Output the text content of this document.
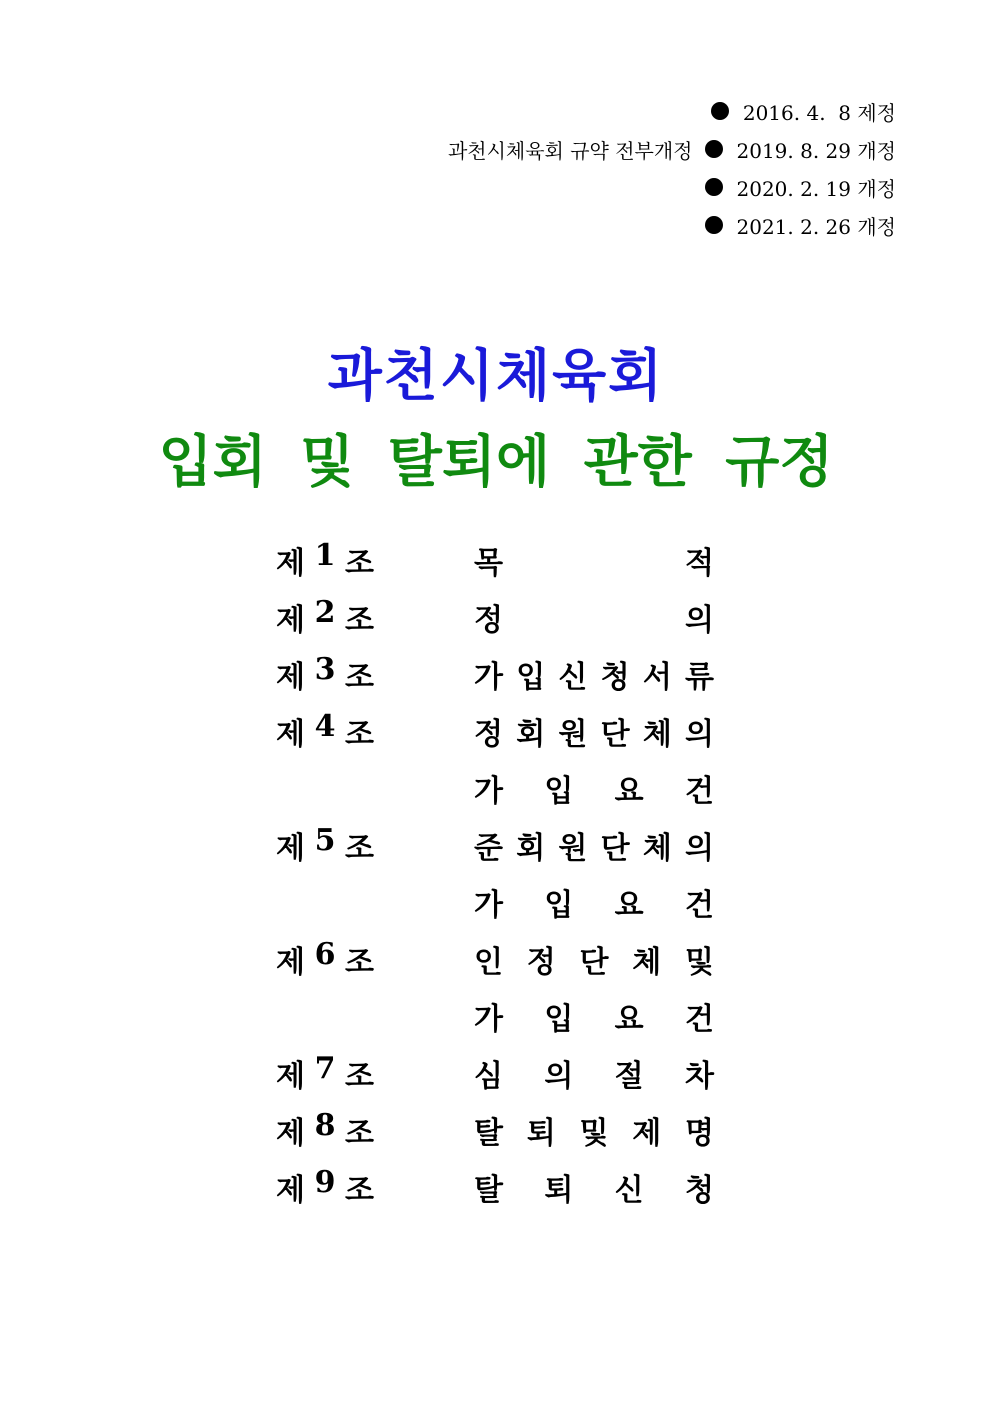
2016. 4.  8 제정
과천시체육회 규약 전부개정 2019. 8. 29 개정
2020. 2. 19 개정
2021. 2. 26 개정
과천시체육회
입회 및 탈퇴에 관한 규정
제 1 조	목	적
제 2 조	정	의
제 3 조	가 입 신 청 서 류
제 4 조	정 회 원 단 체 의
가 입 요 건
제 5 조	준 회 원 단 체 의
가 입 요 건
제 6 조	인 정 단 체 및
가 입 요 건
제 7 조	심 의 절 차
제 8 조	탈 퇴 및 제 명
제 9 조	탈 퇴 신 청
